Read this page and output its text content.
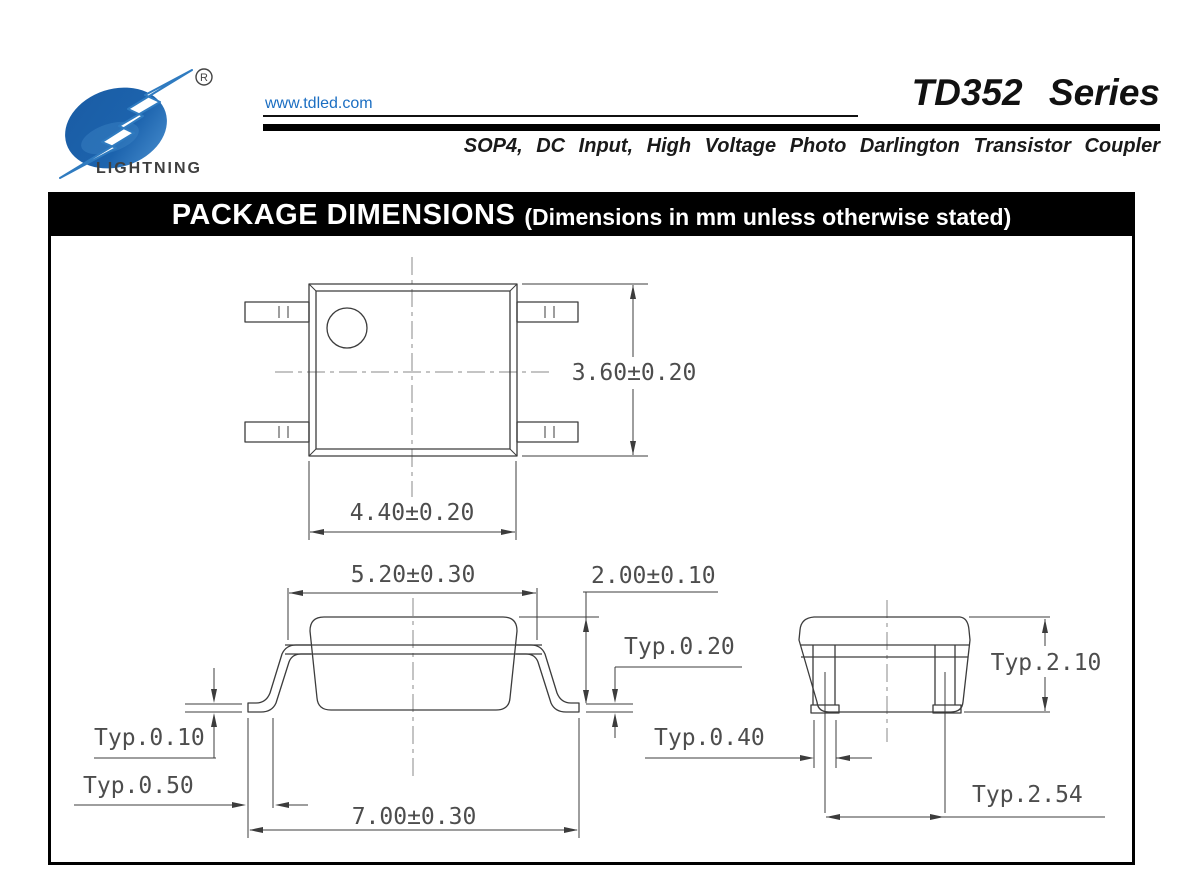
R
LIGHTNING
www.tdled.com	TD352 Series
SOP4, DC Input, High Voltage Photo Darlington Transistor Coupler
PACKAGE DIMENSIONS (Dimensions in mm unless otherwise stated)
3.60±0.20
4.40±0.20
5.20±0.30	2.00±0.10
Typ.0.20
Typ.0.10
Typ.0.50
7.00±0.30
Typ.0.40
Typ.2.10
Typ.2.54
